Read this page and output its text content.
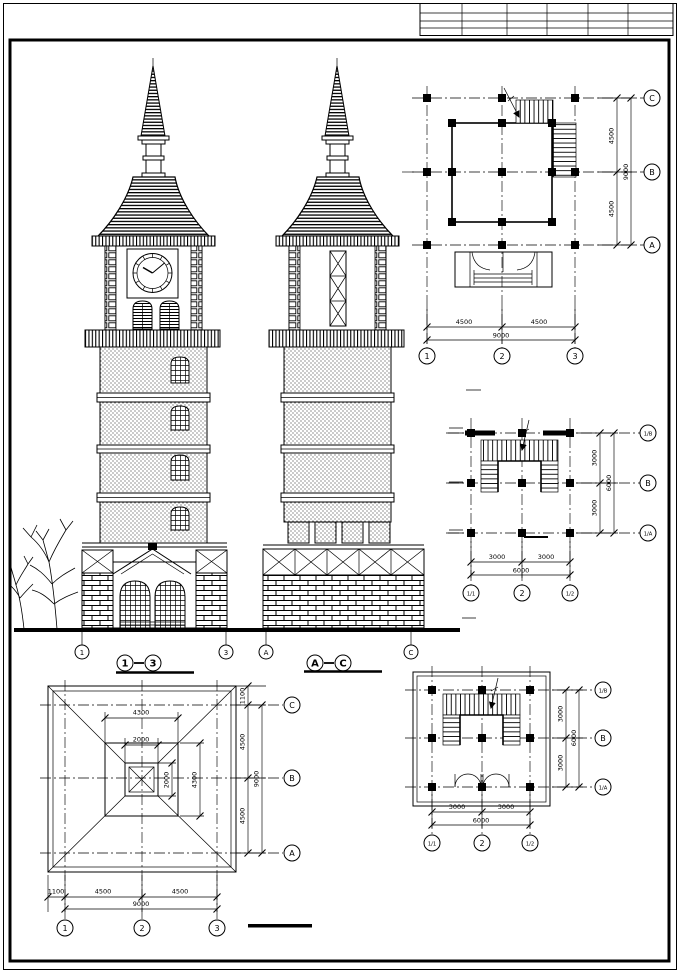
1	3	A	C
1 3	A C
4500	4500
9000
4500
4500
9000
1	2	3
C
B
A
3000	3000
6000
3000
3000
6000
1/1	2	1/2
1/B
B
1/A
3000	3000
6000
3000
3000
6000
1/1	2	1/2
1/B
B
1/A
4300
2000
2000	4300
1100	4500	4500
9000
1100
4500
4500
9000
1	2	3
C
B
A
